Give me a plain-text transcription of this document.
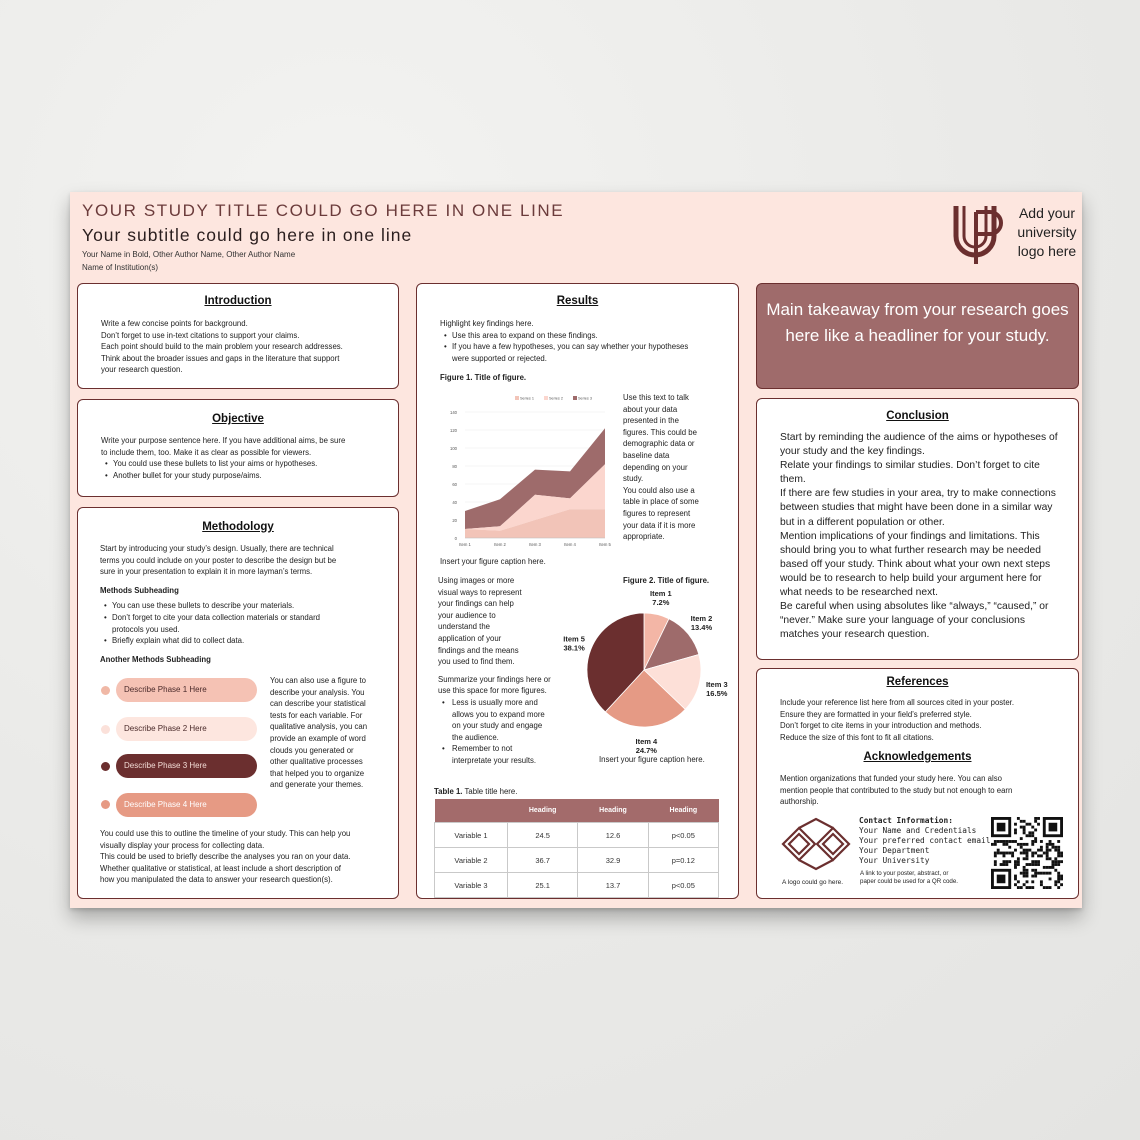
YOUR STUDY TITLE COULD GO HERE IN ONE LINE
Your subtitle could go here in one line
Your Name in Bold, Other Author Name, Other Author Name
Name of Institution(s)
Add your
university
logo here
Introduction

Write a few concise points for background.

Don’t forget to use in-text citations to support your claims.

Each point should build to the main problem your research addresses.

Think about the broader issues and gaps in the literature that support

your research question.

Objective

Write your purpose sentence here. If you have additional aims, be sure

to include them, too. Make it as clear as possible for viewers.

• You could use these bullets to list your aims or hypotheses.

• Another bullet for your study purpose/aims.

Methodology

Start by introducing your study’s design. Usually, there are technical

terms you could include on your poster to describe the design but be

sure in your presentation to explain it in more layman’s terms.

Methods Subheading

• You can use these bullets to describe your materials.

• Don’t forget to cite your data collection materials or standard

protocols you used.

• Briefly explain what did to collect data.

Another Methods Subheading

Describe Phase 1 Here
Describe Phase 2 Here
Describe Phase 3 Here
Describe Phase 4 Here

You can also use a figure to

describe your analysis. You

can describe your statistical

tests for each variable. For

qualitative analysis, you can

provide an example of word

clouds you generated or

other qualitative processes

that helped you to organize

and generate your themes.

You could use this to outline the timeline of your study. This can help you

visually display your process for collecting data.

This could be used to briefly describe the analyses you ran on your data.

Whether qualitative or statistical, at least include a short description of

how you manipulated the data to answer your research question(s).

Results

Highlight key findings here.

• Use this area to expand on these findings.

• If you have a few hypotheses, you can say whether your hypotheses

were supported or rejected.

Figure 1. Title of figure.
0
20
40
60
80
100
120
140
Item 1	Item 2	Item 3	Item 4	Item 5
Series 1	Series 2	Series 3	Use this text to talk

about your data

presented in the

figures. This could be

demographic data or

baseline data

depending on your

study.

You could also use a

table in place of some

figures to represent

your data if it is more

appropriate.

Insert your figure caption here.

Using images or more

visual ways to represent

your findings can help

your audience to

understand the

application of your

findings and the means

you used to find them.

Summarize your findings here or

use this space for more figures.

• Less is usually more and

allows you to expand more

on your study and engage

the audience.

• Remember to not

interpretate your results.

Figure 2. Title of figure.
Item 1
7.2%
Item 2
13.4%
Item 3
16.5%
Item 4
24.7%
Item 5
38.1%
Insert your figure caption here.
Table 1. Table title here.
	Heading	Heading	Heading
Variable 1	24.5	12.6	p<0.05
Variable 2	36.7	32.9	p=0.12
Variable 3	25.1	13.7	p<0.05
Main takeaway from your research goes here like a headliner for your study.
Conclusion

Start by reminding the audience of the aims or hypotheses of your study and the key findings.

Relate your findings to similar studies. Don’t forget to cite them.

If there are few studies in your area, try to make connections between studies that might have been done in a similar way but in a different population or other.

Mention implications of your findings and limitations. This should bring you to what further research may be needed based off your study. Think about what your own next steps would be to research to help build your argument here for what needs to be researched next.

Be careful when using absolutes like “always,” “caused,” or “never.” Make sure your language of your conclusions matches your research question.

References

Include your reference list here from all sources cited in your poster.

Ensure they are formatted in your field’s preferred style.

Don’t forget to cite items in your introduction and methods.

Reduce the size of this font to fit all citations.

Acknowledgements

Mention organizations that funded your study here. You can also

mention people that contributed to the study but not enough to earn

authorship.

A logo could go here.

Contact Information:

Your Name and Credentials

Your preferred contact email

Your Department

Your University

A link to your poster, abstract, or

paper could be used for a QR code.
